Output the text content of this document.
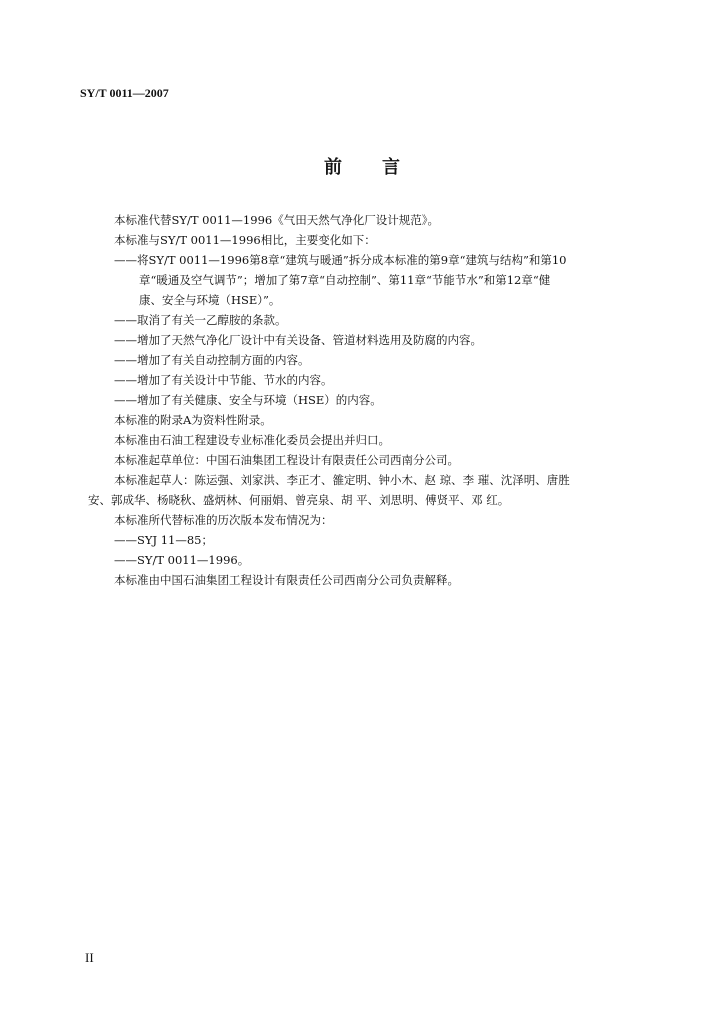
SY/T 0011—2007
前言
本标准代替SY/T 0011—1996《气田天然气净化厂设计规范》。
本标准与SY/T 0011—1996相比，主要变化如下：
——将SY/T 0011—1996第8章“建筑与暖通”拆分成本标准的第9章“建筑与结构”和第10
章“暖通及空气调节”；增加了第7章“自动控制”、第11章“节能节水”和第12章“健
康、安全与环境（HSE）”。
——取消了有关一乙醇胺的条款。
——增加了天然气净化厂设计中有关设备、管道材料选用及防腐的内容。
——增加了有关自动控制方面的内容。
——增加了有关设计中节能、节水的内容。
——增加了有关健康、安全与环境（HSE）的内容。
本标准的附录A为资料性附录。
本标准由石油工程建设专业标准化委员会提出并归口。
本标准起草单位：中国石油集团工程设计有限责任公司西南分公司。
本标准起草人：陈运强、刘家洪、李正才、雒定明、钟小木、赵 琼、李 璀、沈泽明、唐胜
安、郭成华、杨晓秋、盛炳林、何丽娟、曾亮泉、胡 平、刘思明、傅贤平、邓 红。
本标准所代替标准的历次版本发布情况为：
——SYJ 11—85；
——SY/T 0011—1996。
本标准由中国石油集团工程设计有限责任公司西南分公司负责解释。
II
